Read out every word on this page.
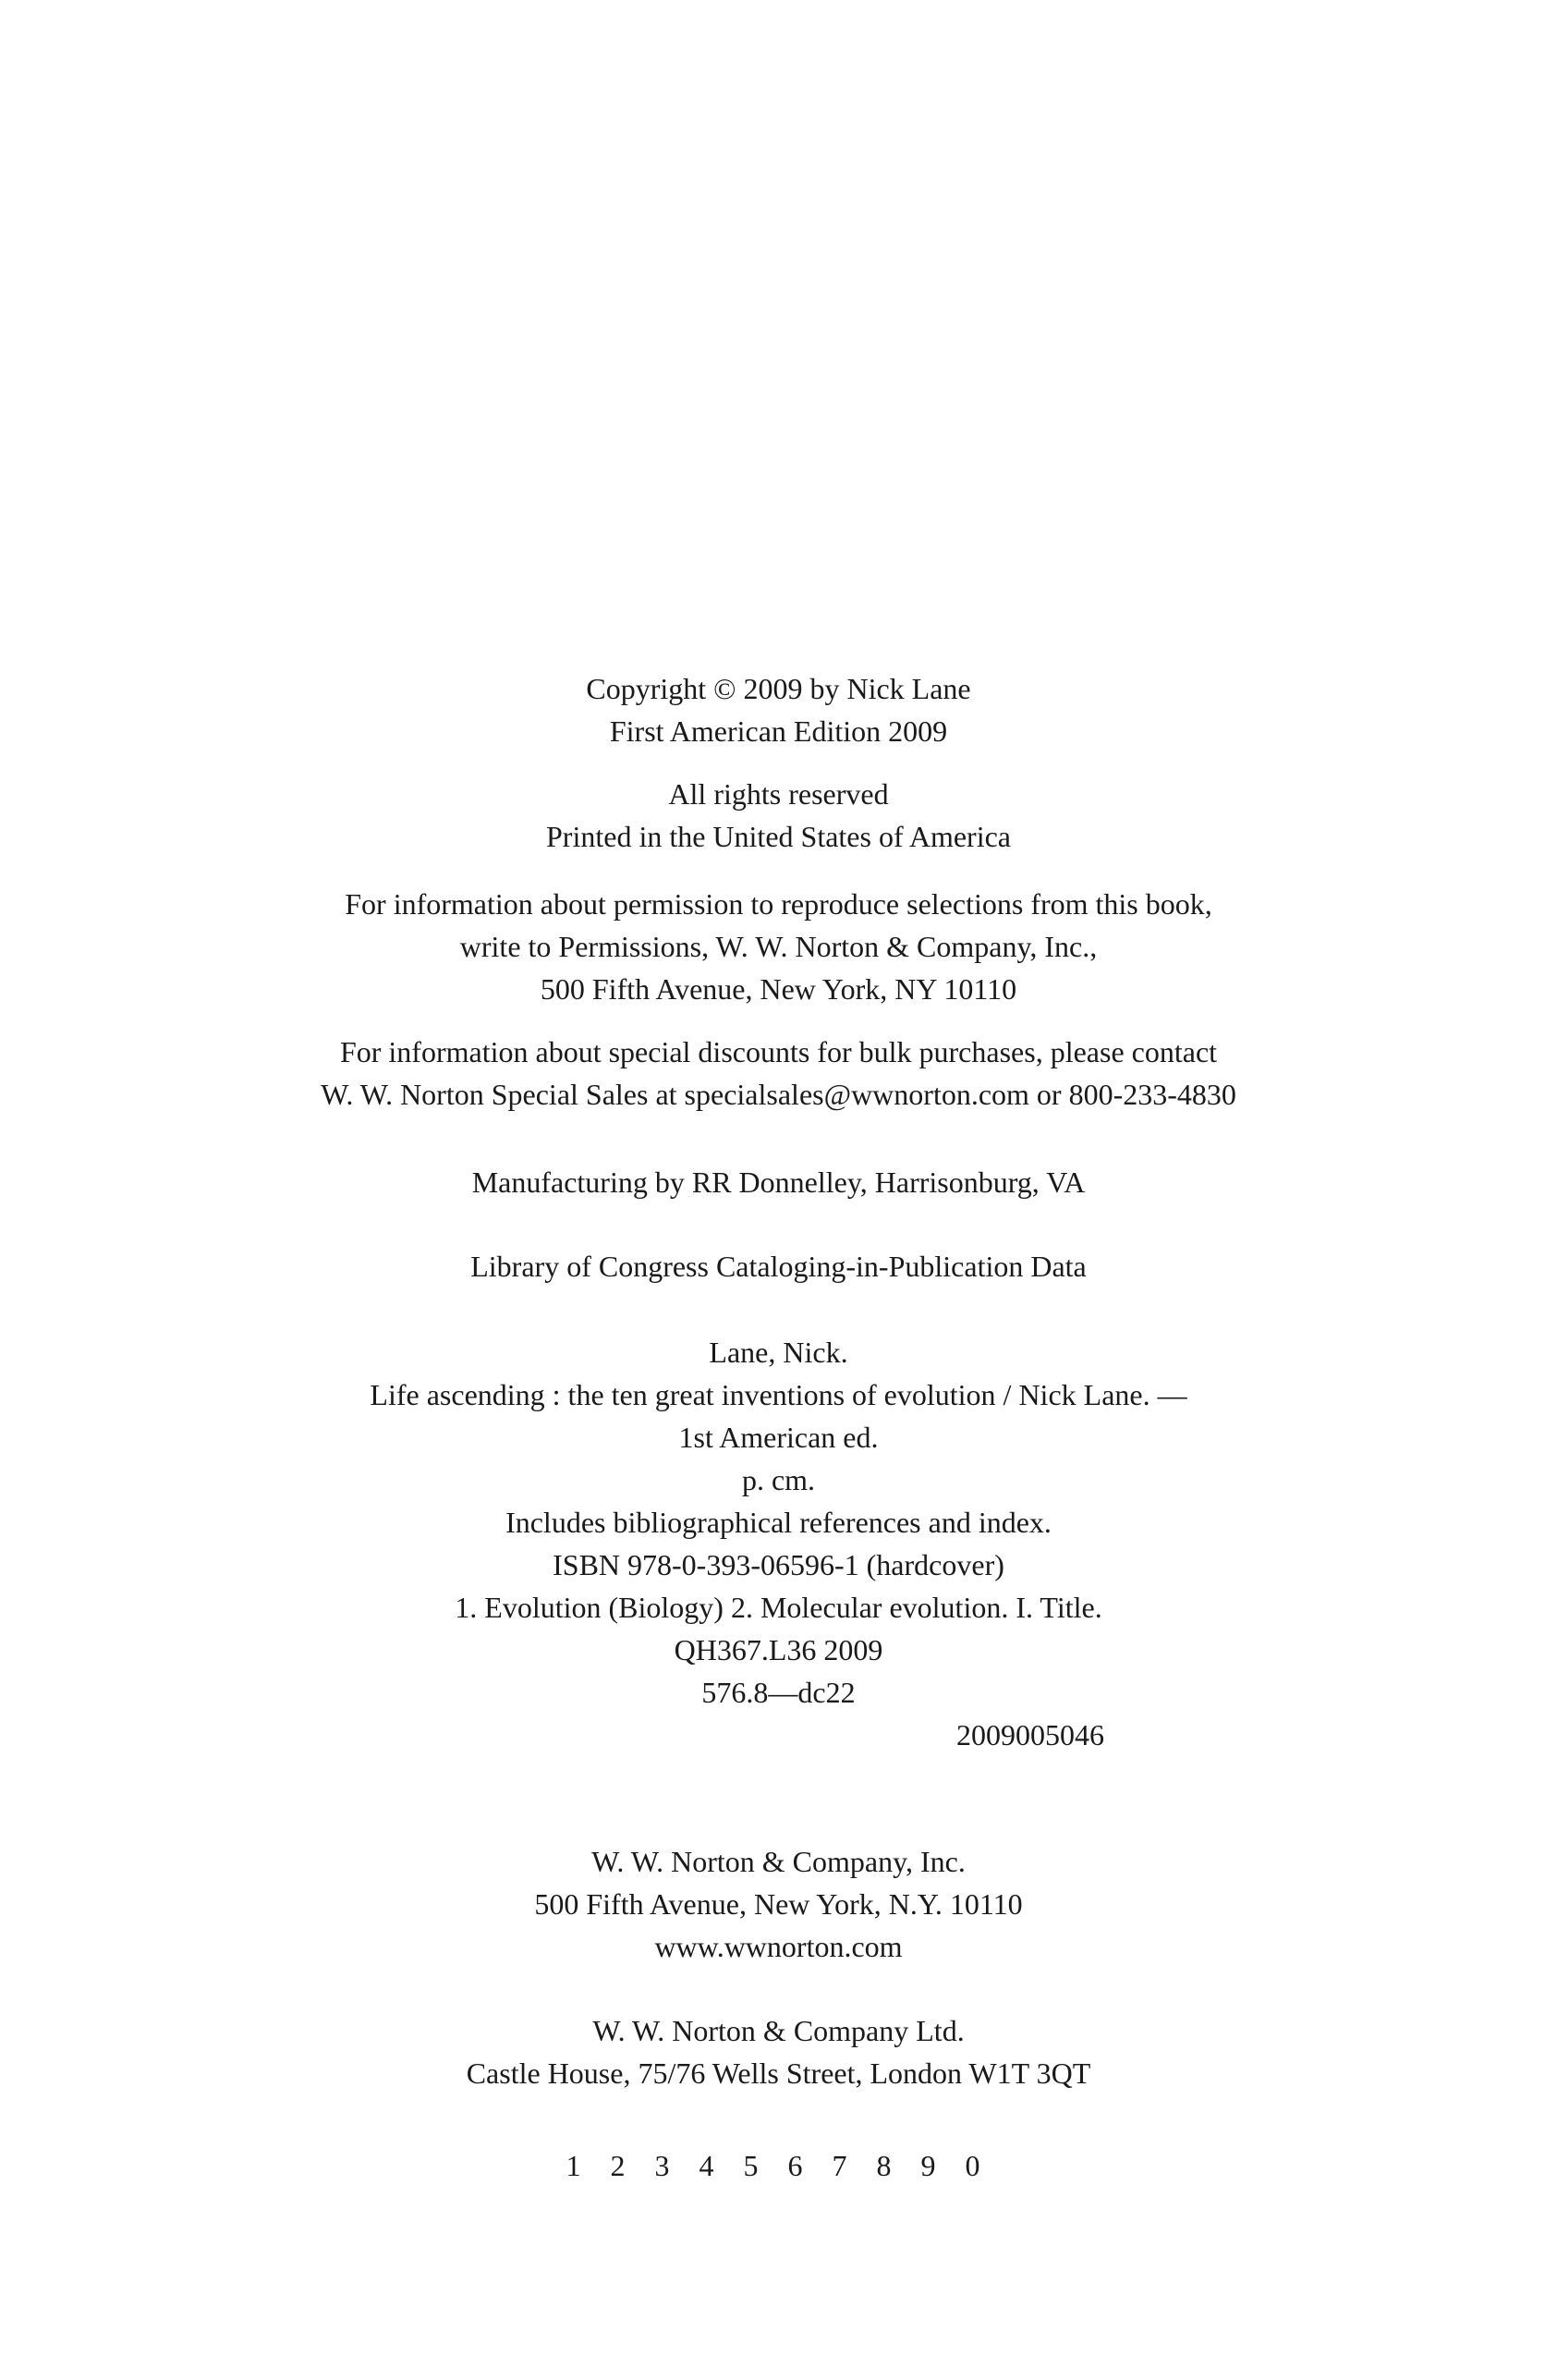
Copyright © 2009 by Nick Lane
First American Edition 2009
All rights reserved
Printed in the United States of America
For information about permission to reproduce selections from this book,
write to Permissions, W. W. Norton & Company, Inc.,
500 Fifth Avenue, New York, NY 10110
For information about special discounts for bulk purchases, please contact
W. W. Norton Special Sales at specialsales@wwnorton.com or 800-233-4830
Manufacturing by RR Donnelley, Harrisonburg, VA
Library of Congress Cataloging-in-Publication Data
Lane, Nick.
Life ascending : the ten great inventions of evolution / Nick Lane. —
1st American ed.
p. cm.
Includes bibliographical references and index.
ISBN 978-0-393-06596-1 (hardcover)
1. Evolution (Biology) 2. Molecular evolution. I. Title.
QH367.L36 2009
576.8—dc22
2009005046
W. W. Norton & Company, Inc.
500 Fifth Avenue, New York, N.Y. 10110
www.wwnorton.com
W. W. Norton & Company Ltd.
Castle House, 75/76 Wells Street, London W1T 3QT
1 2 3 4 5 6 7 8 9 0
